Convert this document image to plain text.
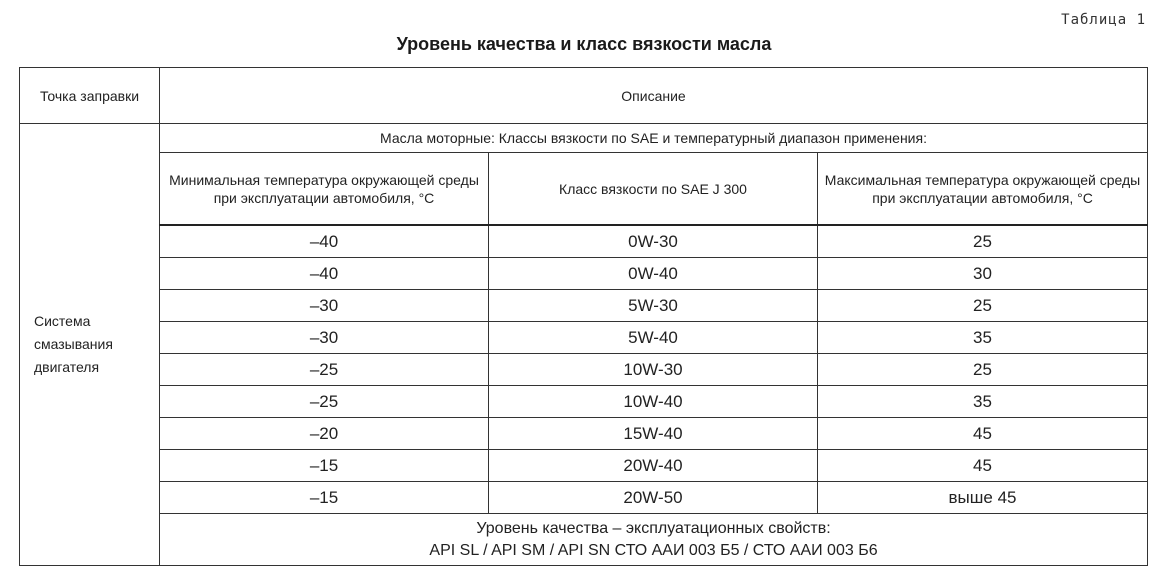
Таблица 1
Уровень качества и класс вязкости масла
Точка заправки	Описание		
Система смазывания двигателя	Масла моторные: Классы вязкости по SAE и температурный диапазон применения:		
	Минимальная температура окружающей среды при эксплуатации автомобиля, °С	Класс вязкости по SAE J 300	Максимальная температура окружающей среды при эксплуатации автомобиля, °С
	–40	0W-30	25
	–40	0W-40	30
	–30	5W-30	25
	–30	5W-40	35
	–25	10W-30	25
	–25	10W-40	35
	–20	15W-40	45
	–15	20W-40	45
	–15	20W-50	выше 45

	Уровень качества – эксплуатационных свойств:
API SL / API SM / API SN СТО ААИ 003 Б5 / СТО ААИ 003 Б6		
